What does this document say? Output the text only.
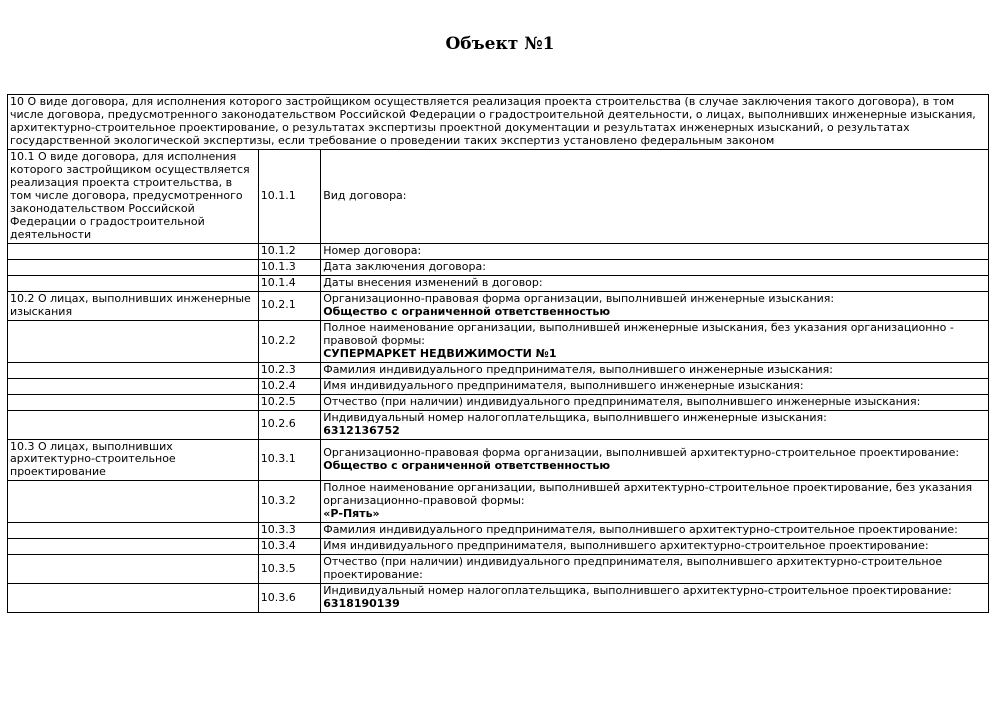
Объект №1
10 О виде договора, для исполнения которого застройщиком осуществляется реализация проекта строительства (в случае заключения такого договора), в том числе договора, предусмотренного законодательством Российской Федерации о градостроительной деятельности, о лицах, выполнивших инженерные изыскания, архитектурно-строительное проектирование, о результатах экспертизы проектной документации и результатах инженерных изысканий, о результатах государственной экологической экспертизы, если требование о проведении таких экспертиз установлено федеральным законом		
10.1 О виде договора, для исполнения которого застройщиком осуществляется реализация проекта строительства, в том числе договора, предусмотренного законодательством Российской Федерации о градостроительной деятельности	10.1.1	Вид договора:

	10.1.2	Номер договора:

	10.1.3	Дата заключения договора:

	10.1.4	Даты внесения изменений в договор:

10.2 О лицах, выполнивших инженерные изыскания	10.2.1	Организационно-правовая форма организации, выполнившей инженерные изыскания:
Общество с ограниченной ответственностью

	10.2.2	Полное наименование организации, выполнившей инженерные изыскания, без указания организационно - правовой формы:
СУПЕРМАРКЕТ НЕДВИЖИМОСТИ №1

	10.2.3	Фамилия индивидуального предпринимателя, выполнившего инженерные изыскания:

	10.2.4	Имя индивидуального предпринимателя, выполнившего инженерные изыскания:

	10.2.5	Отчество (при наличии) индивидуального предпринимателя, выполнившего инженерные изыскания:

	10.2.6	Индивидуальный номер налогоплательщика, выполнившего инженерные изыскания:
6312136752

10.3 О лицах, выполнивших архитектурно-строительное проектирование	10.3.1	Организационно-правовая форма организации, выполнившей архитектурно-строительное проектирование:
Общество с ограниченной ответственностью

	10.3.2	Полное наименование организации, выполнившей архитектурно-строительное проектирование, без указания организационно-правовой формы:
«Р-Пять»

	10.3.3	Фамилия индивидуального предпринимателя, выполнившего архитектурно-строительное проектирование:

	10.3.4	Имя индивидуального предпринимателя, выполнившего архитектурно-строительное проектирование:

	10.3.5	Отчество (при наличии) индивидуального предпринимателя, выполнившего архитектурно-строительное проектирование:

	10.3.6	Индивидуальный номер налогоплательщика, выполнившего архитектурно-строительное проектирование:
6318190139
